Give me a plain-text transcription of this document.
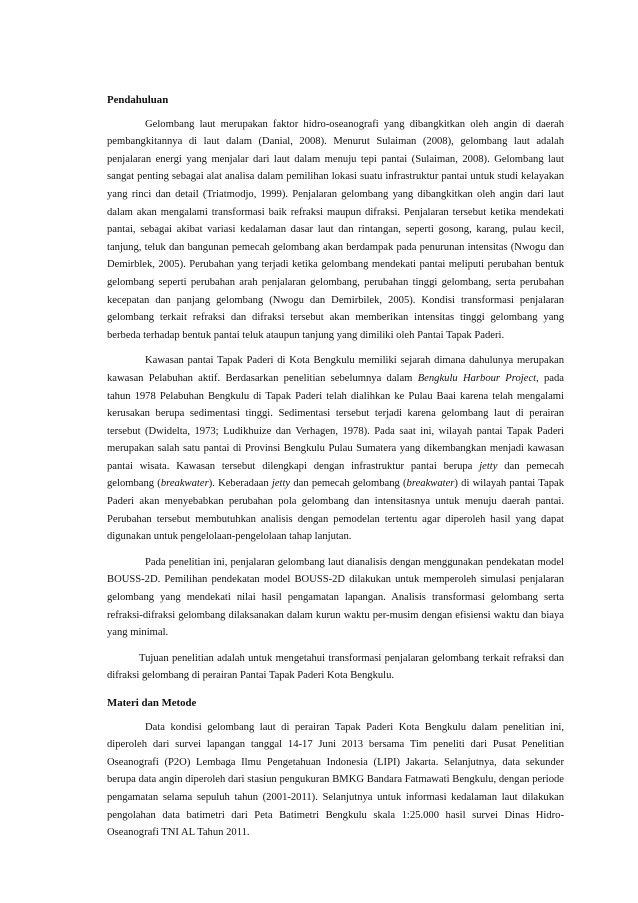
Pendahuluan

Gelombang laut merupakan faktor hidro-oseanografi yang dibangkitkan oleh angin di daerah pembangkitannya di laut dalam (Danial, 2008). Menurut Sulaiman (2008), gelombang laut adalah penjalaran energi yang menjalar dari laut dalam menuju tepi pantai (Sulaiman, 2008). Gelombang laut sangat penting sebagai alat analisa dalam pemilihan lokasi suatu infrastruktur pantai untuk studi kelayakan yang rinci dan detail (Triatmodjo, 1999). Penjalaran gelombang yang dibangkitkan oleh angin dari laut dalam akan mengalami transformasi baik refraksi maupun difraksi. Penjalaran tersebut ketika mendekati pantai, sebagai akibat variasi kedalaman dasar laut dan rintangan, seperti gosong, karang, pulau kecil, tanjung, teluk dan bangunan pemecah gelombang akan berdampak pada penurunan intensitas (Nwogu dan Demirblek, 2005). Perubahan yang terjadi ketika gelombang mendekati pantai meliputi perubahan bentuk gelombang seperti perubahan arah penjalaran gelombang, perubahan tinggi gelombang, serta perubahan kecepatan dan panjang gelombang (Nwogu dan Demirbilek, 2005). Kondisi transformasi penjalaran gelombang terkait refraksi dan difraksi tersebut akan memberikan intensitas tinggi gelombang yang berbeda terhadap bentuk pantai teluk ataupun tanjung yang dimiliki oleh Pantai Tapak Paderi.

Kawasan pantai Tapak Paderi di Kota Bengkulu memiliki sejarah dimana dahulunya merupakan kawasan Pelabuhan aktif. Berdasarkan penelitian sebelumnya dalam Bengkulu Harbour Project, pada tahun 1978 Pelabuhan Bengkulu di Tapak Paderi telah dialihkan ke Pulau Baai karena telah mengalami kerusakan berupa sedimentasi tinggi. Sedimentasi tersebut terjadi karena gelombang laut di perairan tersebut (Dwidelta, 1973; Ludikhuize dan Verhagen, 1978). Pada saat ini, wilayah pantai Tapak Paderi merupakan salah satu pantai di Provinsi Bengkulu Pulau Sumatera yang dikembangkan menjadi kawasan pantai wisata. Kawasan tersebut dilengkapi dengan infrastruktur pantai berupa jetty dan pemecah gelombang (breakwater). Keberadaan jetty dan pemecah gelombang (breakwater) di wilayah pantai Tapak Paderi akan menyebabkan perubahan pola gelombang dan intensitasnya untuk menuju daerah pantai. Perubahan tersebut membutuhkan analisis dengan pemodelan tertentu agar diperoleh hasil yang dapat digunakan untuk pengelolaan-pengelolaan tahap lanjutan.

Pada penelitian ini, penjalaran gelombang laut dianalisis dengan menggunakan pendekatan model BOUSS-2D. Pemilihan pendekatan model BOUSS-2D dilakukan untuk memperoleh simulasi penjalaran gelombang yang mendekati nilai hasil pengamatan lapangan. Analisis transformasi gelombang serta refraksi-difraksi gelombang dilaksanakan dalam kurun waktu per-musim dengan efisiensi waktu dan biaya yang minimal.

Tujuan penelitian adalah untuk mengetahui transformasi penjalaran gelombang terkait refraksi dan difraksi gelombang di perairan Pantai Tapak Paderi Kota Bengkulu.

Materi dan Metode

Data kondisi gelombang laut di perairan Tapak Paderi Kota Bengkulu dalam penelitian ini, diperoleh dari survei lapangan tanggal 14-17 Juni 2013 bersama Tim peneliti dari Pusat Penelitian Oseanografi (P2O) Lembaga Ilmu Pengetahuan Indonesia (LIPI) Jakarta. Selanjutnya, data sekunder berupa data angin diperoleh dari stasiun pengukuran BMKG Bandara Fatmawati Bengkulu, dengan periode pengamatan selama sepuluh tahun (2001-2011). Selanjutnya untuk informasi kedalaman laut dilakukan pengolahan data batimetri dari Peta Batimetri Bengkulu skala 1:25.000 hasil survei Dinas Hidro-Oseanografi TNI AL Tahun 2011.
